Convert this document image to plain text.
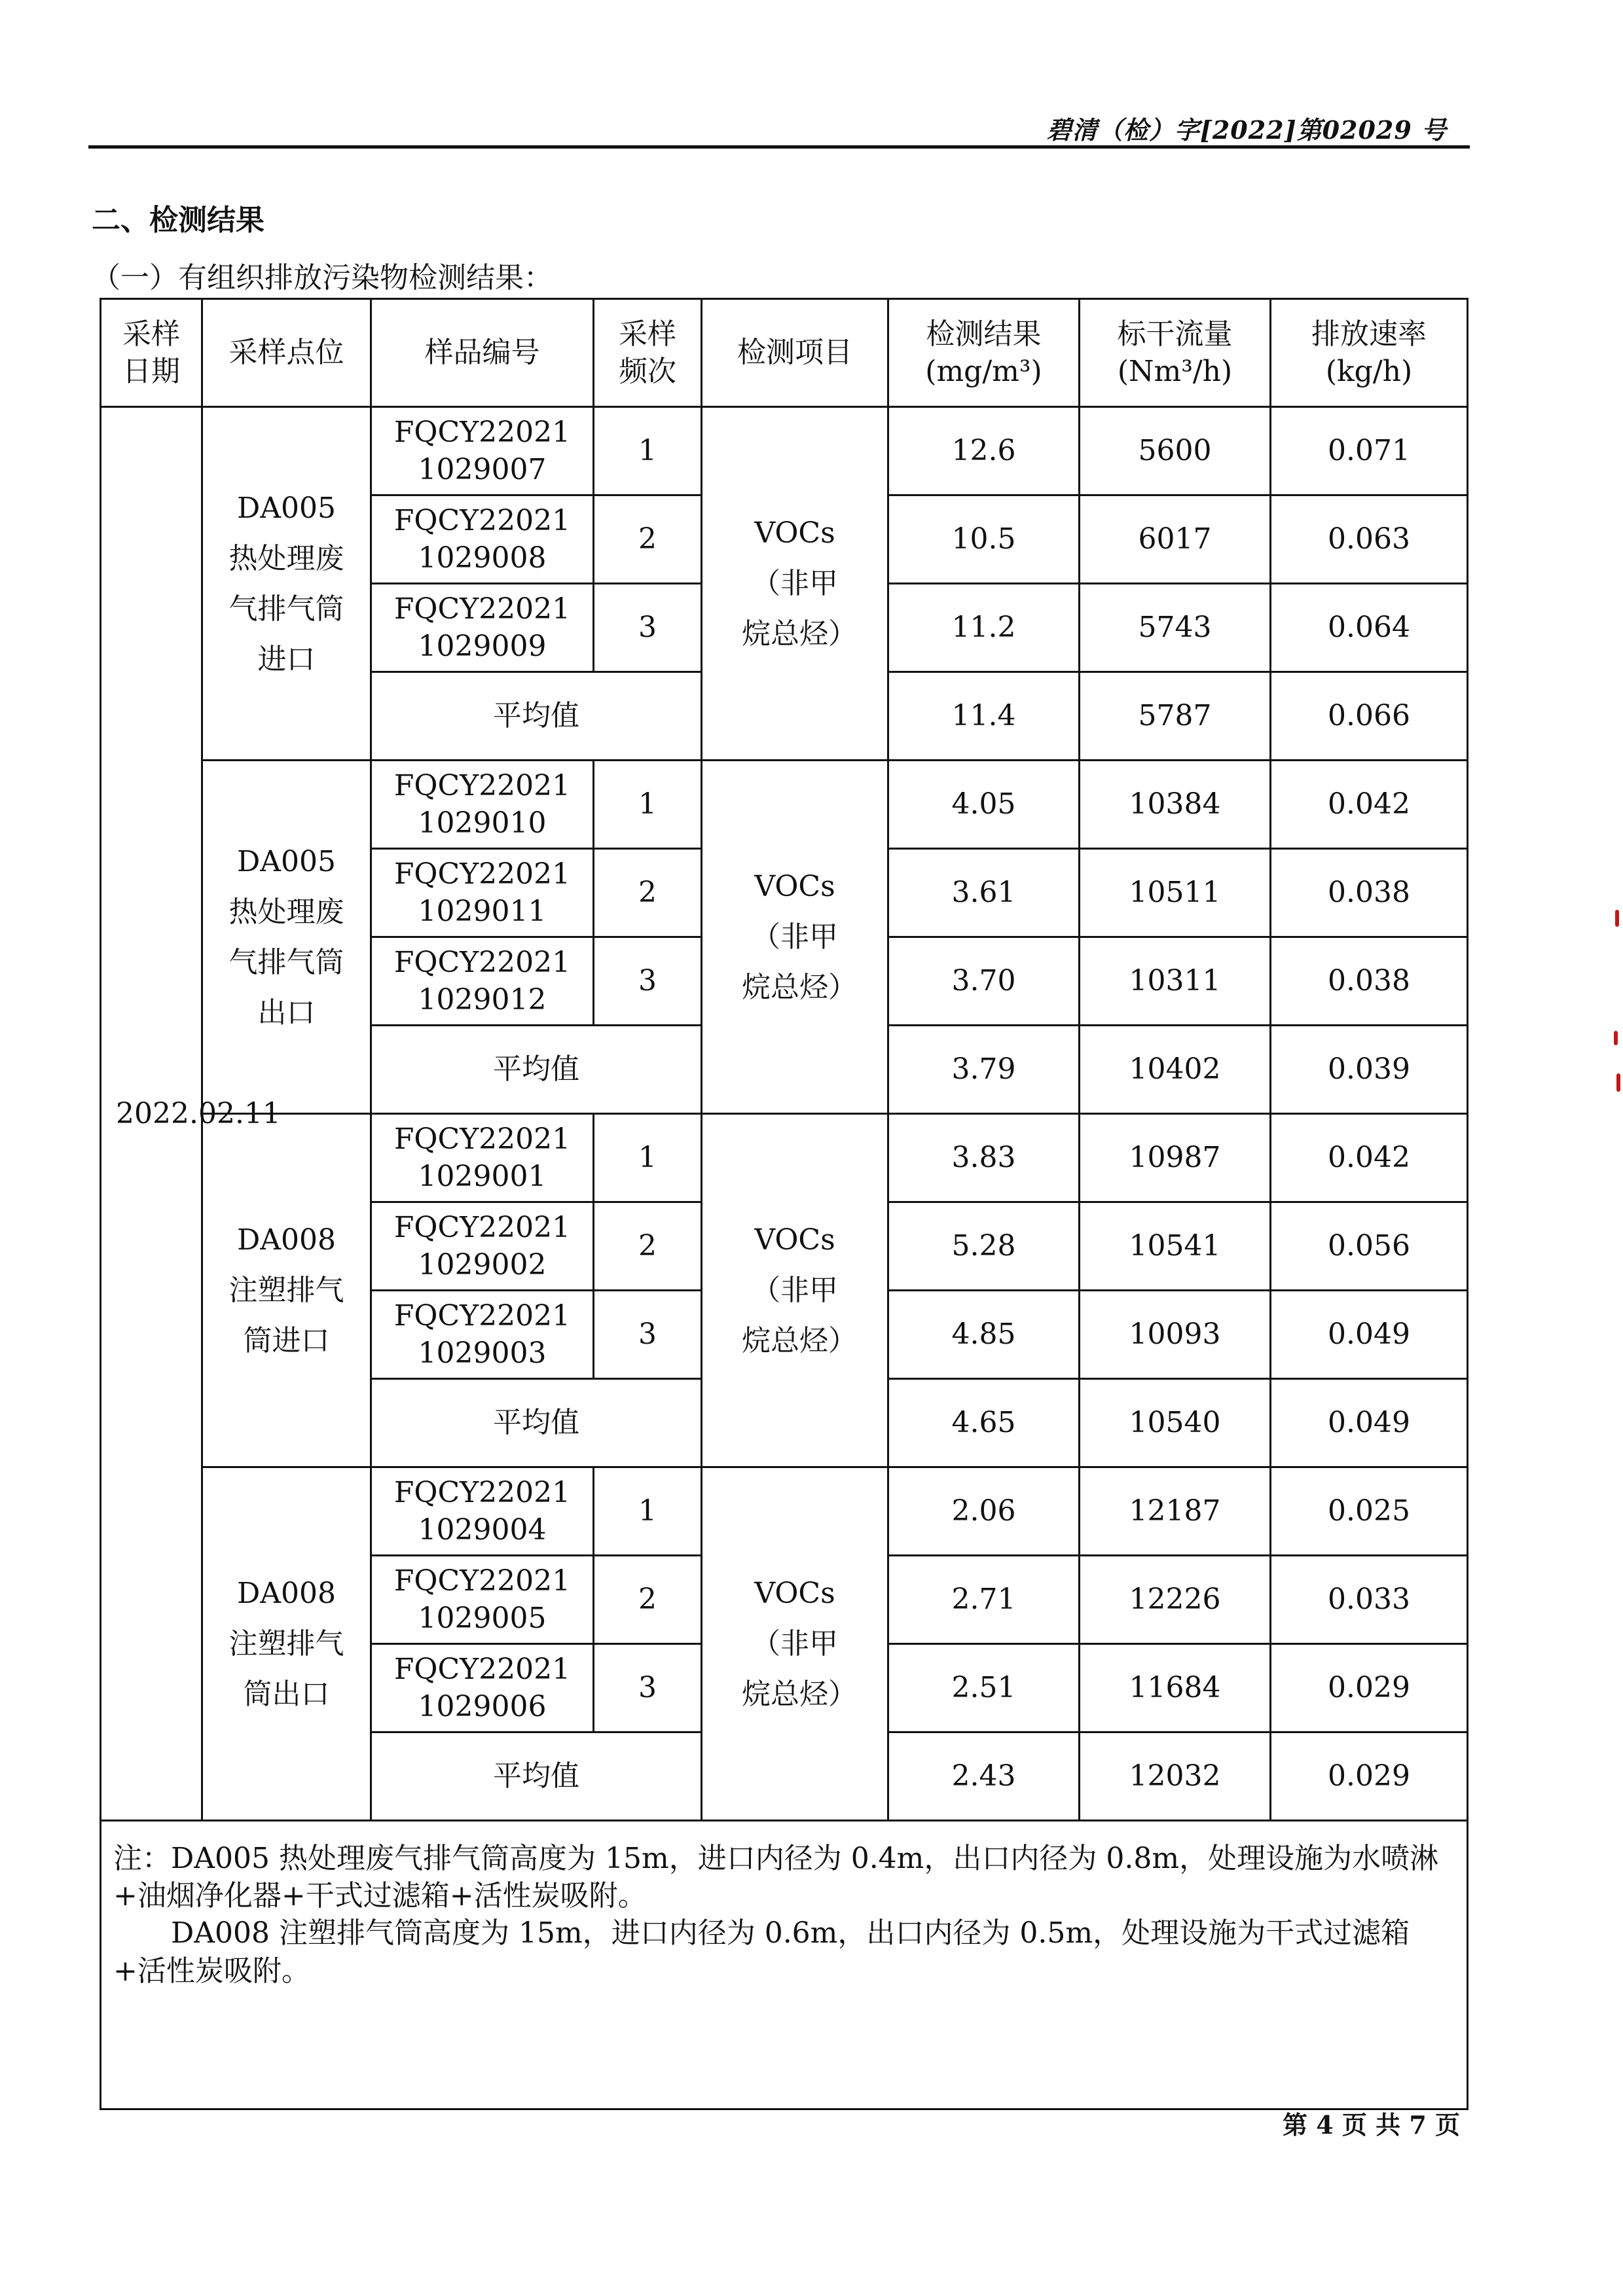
碧清（检）字[2022]第02029 号
二、检测结果
（一）有组织排放污染物检测结果：
采样日期	采样点位	样品编号	采样频次	检测项目	检测结果(mg/m³)	标干流量(Nm³/h)	排放速率(kg/h)
2022.02.11	DA005热处理废气排气筒进口	FQCY220211029007	1	VOCs（非甲烷总烃）	12.6	5600	0.071
		FQCY220211029008	2		10.5	6017	0.063
		FQCY220211029009	3		11.2	5743	0.064
		平均值			11.4	5787	0.066
	DA005热处理废气排气筒出口	FQCY220211029010	1	VOCs（非甲烷总烃）	4.05	10384	0.042
		FQCY220211029011	2		3.61	10511	0.038
		FQCY220211029012	3		3.70	10311	0.038
		平均值			3.79	10402	0.039
	DA008注塑排气筒进口	FQCY220211029001	1	VOCs（非甲烷总烃）	3.83	10987	0.042
		FQCY220211029002	2		5.28	10541	0.056
		FQCY220211029003	3		4.85	10093	0.049
		平均值			4.65	10540	0.049
	DA008注塑排气筒出口	FQCY220211029004	1	VOCs（非甲烷总烃）	2.06	12187	0.025
		FQCY220211029005	2		2.71	12226	0.033
		FQCY220211029006	3		2.51	11684	0.029
		平均值			2.43	12032	0.029

注：DA005 热处理废气排气筒高度为 15m，进口内径为 0.4m，出口内径为 0.8m，处理设施为水喷淋+油烟净化器+干式过滤箱+活性炭吸附。
DA008 注塑排气筒高度为 15m，进口内径为 0.6m，出口内径为 0.5m，处理设施为干式过滤箱+活性炭吸附。							
第 4 页 共 7 页
